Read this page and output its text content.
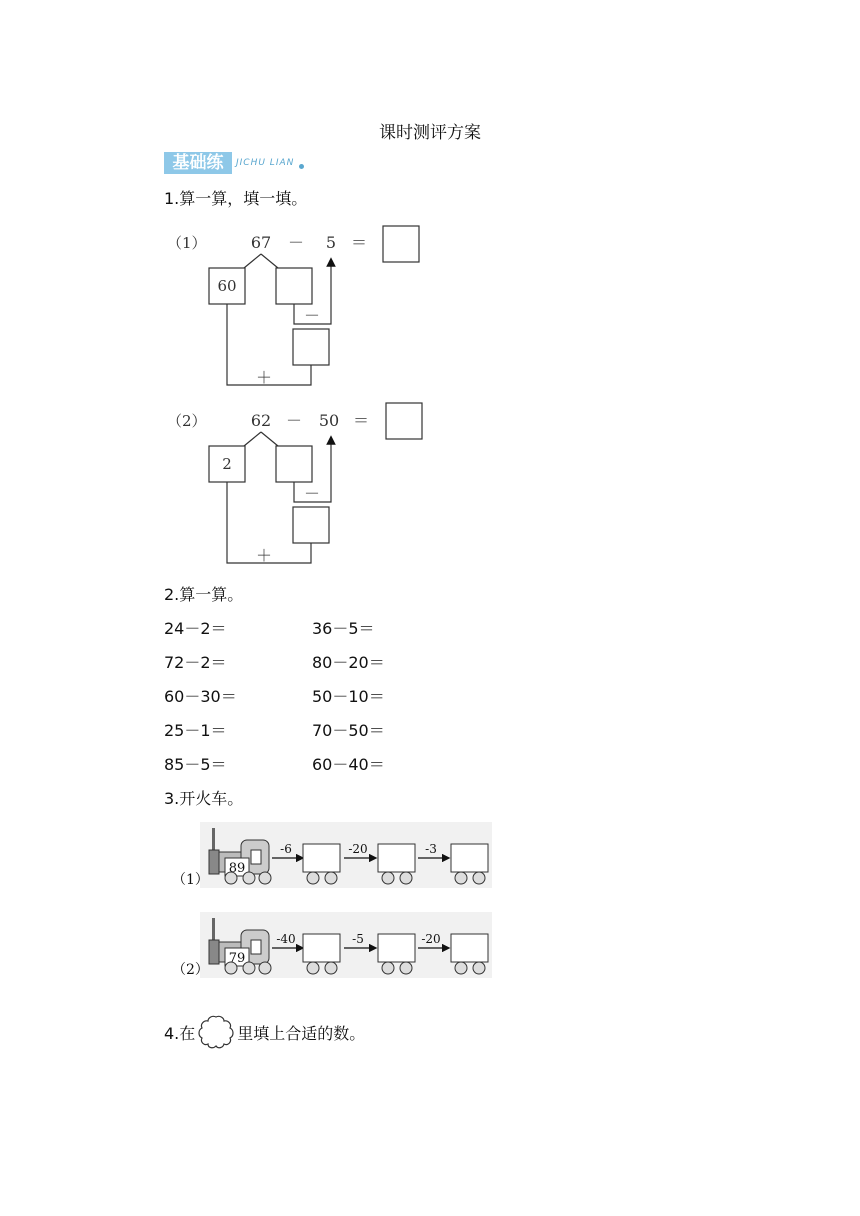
课时测评方案
基础练	JICHU LIAN
1.算一算，填一填。
（1）	67 － 5 ＝
60
－
＋
（2）	62 － 50 ＝
2
－
＋
2.算一算。
24－2＝	36－5＝
72－2＝	80－20＝
60－30＝	50－10＝
25－1＝	70－50＝
85－5＝	60－40＝
3.开火车。
（1）
89
-6	-20	-3
（2）
79
-40	-5	-20
4.在	里填上合适的数。
